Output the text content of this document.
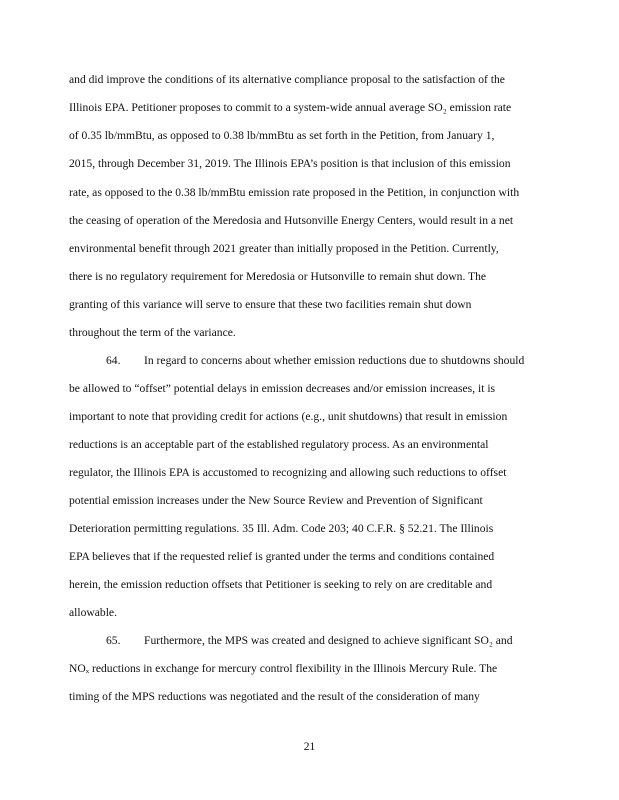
and did improve the conditions of its alternative compliance proposal to the satisfaction of the
Illinois EPA. Petitioner proposes to commit to a system-wide annual average SO₂ emission rate
of 0.35 lb/mmBtu, as opposed to 0.38 lb/mmBtu as set forth in the Petition, from January 1,
2015, through December 31, 2019. The Illinois EPA’s position is that inclusion of this emission
rate, as opposed to the 0.38 lb/mmBtu emission rate proposed in the Petition, in conjunction with
the ceasing of operation of the Meredosia and Hutsonville Energy Centers, would result in a net
environmental benefit through 2021 greater than initially proposed in the Petition. Currently,
there is no regulatory requirement for Meredosia or Hutsonville to remain shut down. The
granting of this variance will serve to ensure that these two facilities remain shut down
throughout the term of the variance.
64. In regard to concerns about whether emission reductions due to shutdowns should
be allowed to “offset” potential delays in emission decreases and/or emission increases, it is
important to note that providing credit for actions (e.g., unit shutdowns) that result in emission
reductions is an acceptable part of the established regulatory process. As an environmental
regulator, the Illinois EPA is accustomed to recognizing and allowing such reductions to offset
potential emission increases under the New Source Review and Prevention of Significant
Deterioration permitting regulations. 35 Ill. Adm. Code 203; 40 C.F.R. § 52.21. The Illinois
EPA believes that if the requested relief is granted under the terms and conditions contained
herein, the emission reduction offsets that Petitioner is seeking to rely on are creditable and
allowable.
65. Furthermore, the MPS was created and designed to achieve significant SO₂ and
NOₓ reductions in exchange for mercury control flexibility in the Illinois Mercury Rule. The
timing of the MPS reductions was negotiated and the result of the consideration of many
21
